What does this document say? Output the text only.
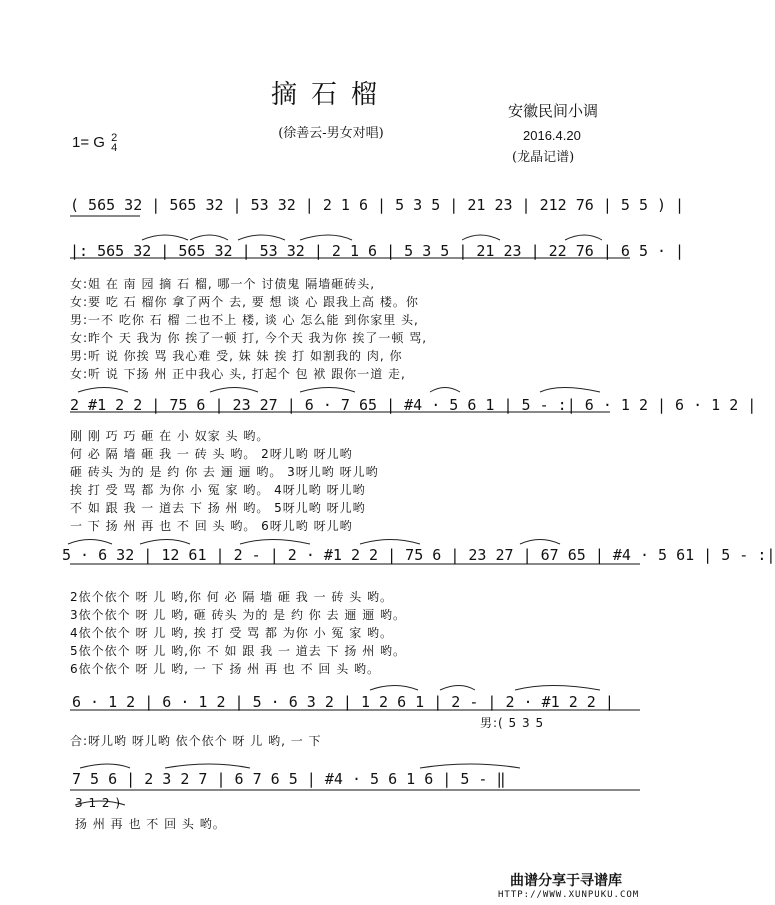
摘石榴
(徐善云-男女对唱)
安徽民间小调
2016.4.20
(龙晶记谱)
1= G 2
4
( 565 32 | 565 32 | 53 32 | 2 1 6 | 5 3 5 | 21 23 | 212 76 | 5 5 ) |
|: 565 32 | 565 32 | 53 32 | 2 1 6 | 5 3 5 | 21 23 | 22 76 | 6 5 · |
女:姐 在 南 园 摘 石 榴, 哪一个 讨债鬼 隔墙砸砖头,
女:要 吃 石 榴你 拿了两个 去, 要 想 谈 心 跟我上高 楼。你
男:一不 吃你 石 榴 二也不上 楼, 谈 心 怎么能 到你家里 头,
女:昨个 天 我为 你 挨了一顿 打, 今个天 我为你 挨了一顿 骂,
男:听 说 你挨 骂 我心难 受, 妹 妹 挨 打 如割我的 肉, 你
女:听 说 下扬 州 正中我心 头, 打起个 包 袱 跟你一道 走,
2 #1 2 2 | 75 6 | 23 27 | 6 · 7 65 | #4 · 5 6 1 | 5 - :| 6 · 1 2 | 6 · 1 2 |
刚 刚 巧 巧 砸 在 小 奴家 头 哟。
何 必 隔 墙 砸 我 一 砖 头 哟。 2呀儿哟 呀儿哟
砸 砖头 为的 是 约 你 去 逦 逦 哟。 3呀儿哟 呀儿哟
挨 打 受 骂 都 为你 小 冤 家 哟。 4呀儿哟 呀儿哟
不 如 跟 我 一 道去 下 扬 州 哟。 5呀儿哟 呀儿哟
一 下 扬 州 再 也 不 回 头 哟。 6呀儿哟 呀儿哟
5 · 6 32 | 12 61 | 2 - | 2 · #1 2 2 | 75 6 | 23 27 | 67 65 | #4 · 5 61 | 5 - :|
2依个依个 呀 儿 哟,你 何 必 隔 墙 砸 我 一 砖 头 哟。
3依个依个 呀 儿 哟, 砸 砖头 为的 是 约 你 去 逦 逦 哟。
4依个依个 呀 儿 哟, 挨 打 受 骂 都 为你 小 冤 家 哟。
5依个依个 呀 儿 哟,你 不 如 跟 我 一 道去 下 扬 州 哟。
6依个依个 呀 儿 哟, 一 下 扬 州 再 也 不 回 头 哟。
6 · 1 2 | 6 · 1 2 | 5 · 6 3 2 | 1 2 6 1 | 2 - | 2 · #1 2 2 |
男:( 5 3 5
合:呀儿哟 呀儿哟 依个依个 呀 儿 哟, 一 下
7 5 6 | 2 3 2 7 | 6 7 6 5 | #4 · 5 6 1 6 | 5 - ‖
3 1 2 )
扬 州 再 也 不 回 头 哟。
曲谱分享于寻谱库
HTTP://WWW.XUNPUKU.COM
